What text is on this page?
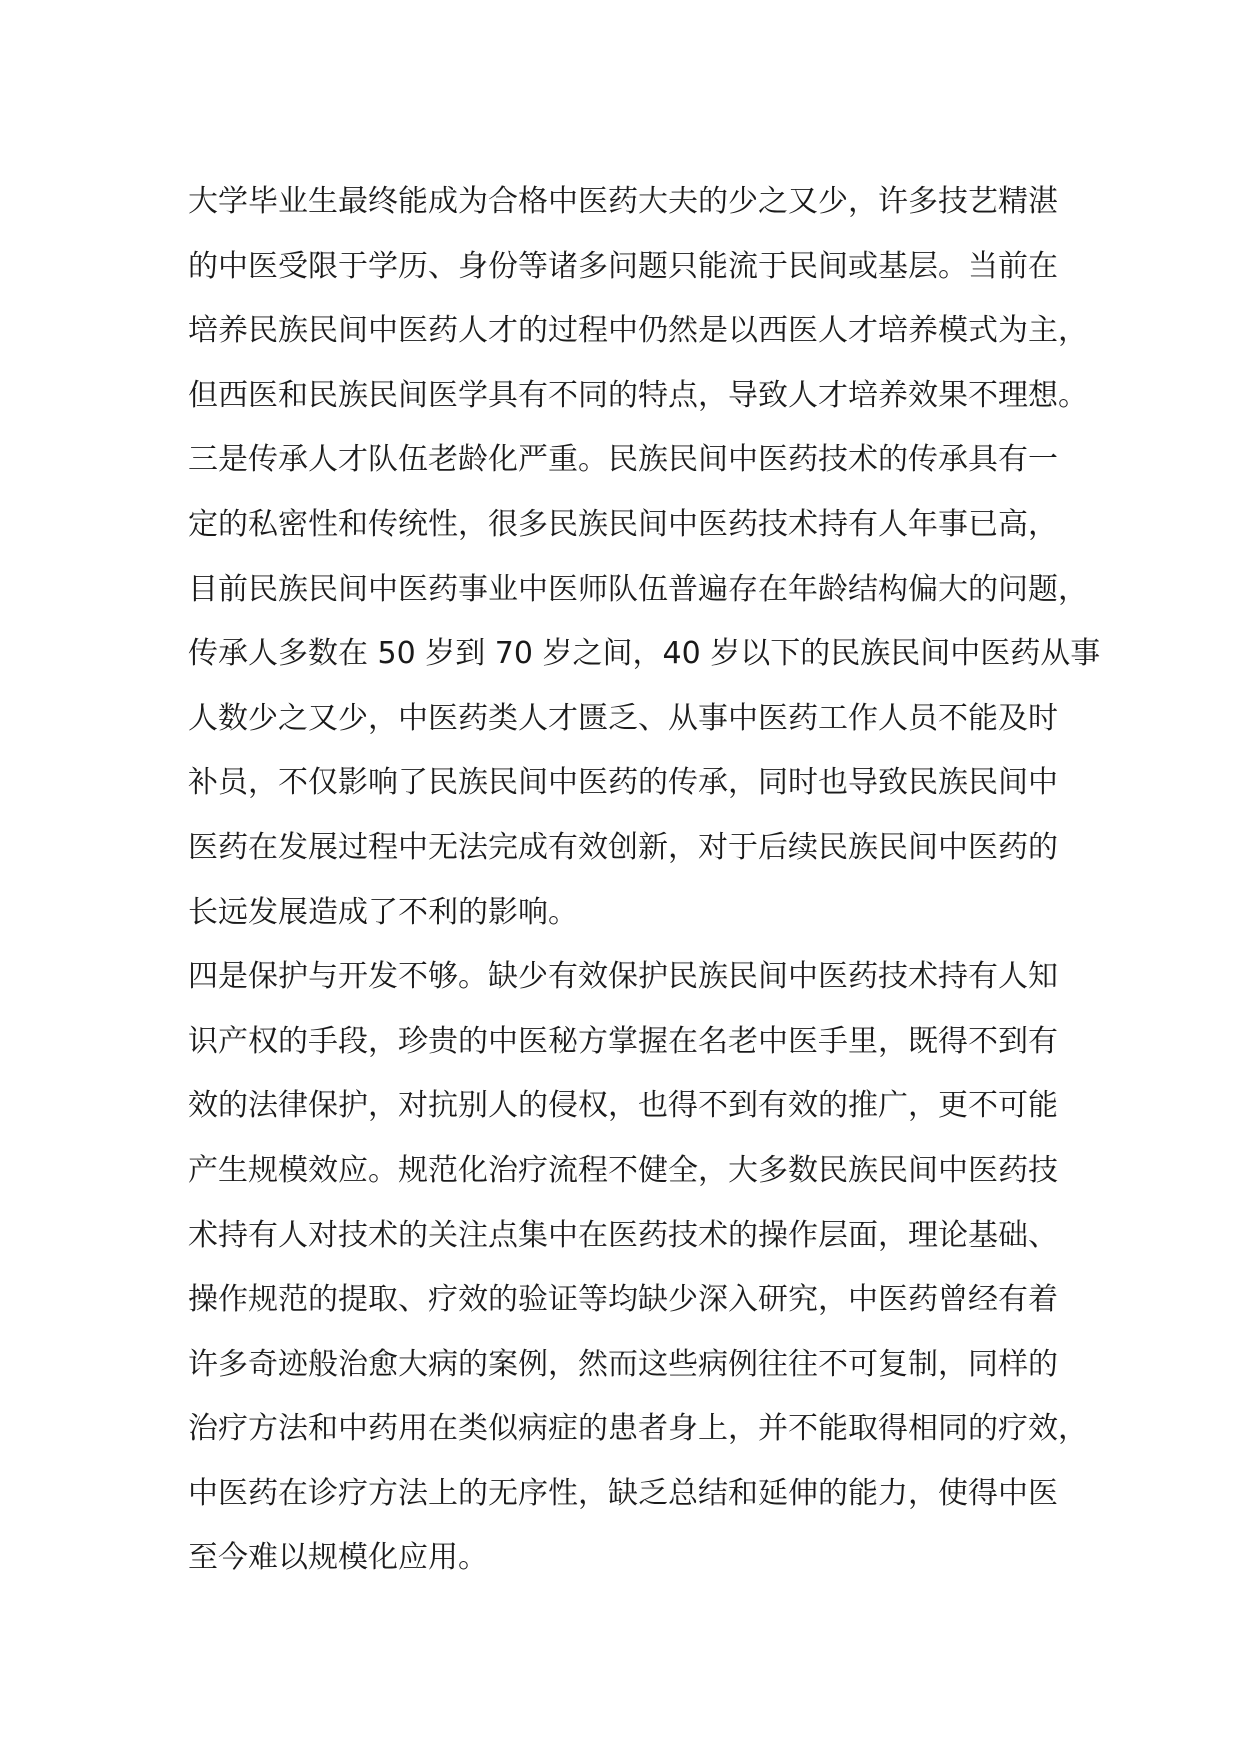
大学毕业生最终能成为合格中医药大夫的少之又少，许多技艺精湛
的中医受限于学历、身份等诸多问题只能流于民间或基层。当前在
培养民族民间中医药人才的过程中仍然是以西医人才培养模式为主，
但西医和民族民间医学具有不同的特点，导致人才培养效果不理想。
三是传承人才队伍老龄化严重。民族民间中医药技术的传承具有一
定的私密性和传统性，很多民族民间中医药技术持有人年事已高，
目前民族民间中医药事业中医师队伍普遍存在年龄结构偏大的问题，
传承人多数在 50 岁到 70 岁之间，40 岁以下的民族民间中医药从事
人数少之又少，中医药类人才匮乏、从事中医药工作人员不能及时
补员，不仅影响了民族民间中医药的传承，同时也导致民族民间中
医药在发展过程中无法完成有效创新，对于后续民族民间中医药的
长远发展造成了不利的影响。
四是保护与开发不够。缺少有效保护民族民间中医药技术持有人知
识产权的手段，珍贵的中医秘方掌握在名老中医手里，既得不到有
效的法律保护，对抗别人的侵权，也得不到有效的推广，更不可能
产生规模效应。规范化治疗流程不健全，大多数民族民间中医药技
术持有人对技术的关注点集中在医药技术的操作层面，理论基础、
操作规范的提取、疗效的验证等均缺少深入研究，中医药曾经有着
许多奇迹般治愈大病的案例，然而这些病例往往不可复制，同样的
治疗方法和中药用在类似病症的患者身上，并不能取得相同的疗效，
中医药在诊疗方法上的无序性，缺乏总结和延伸的能力，使得中医
至今难以规模化应用。
